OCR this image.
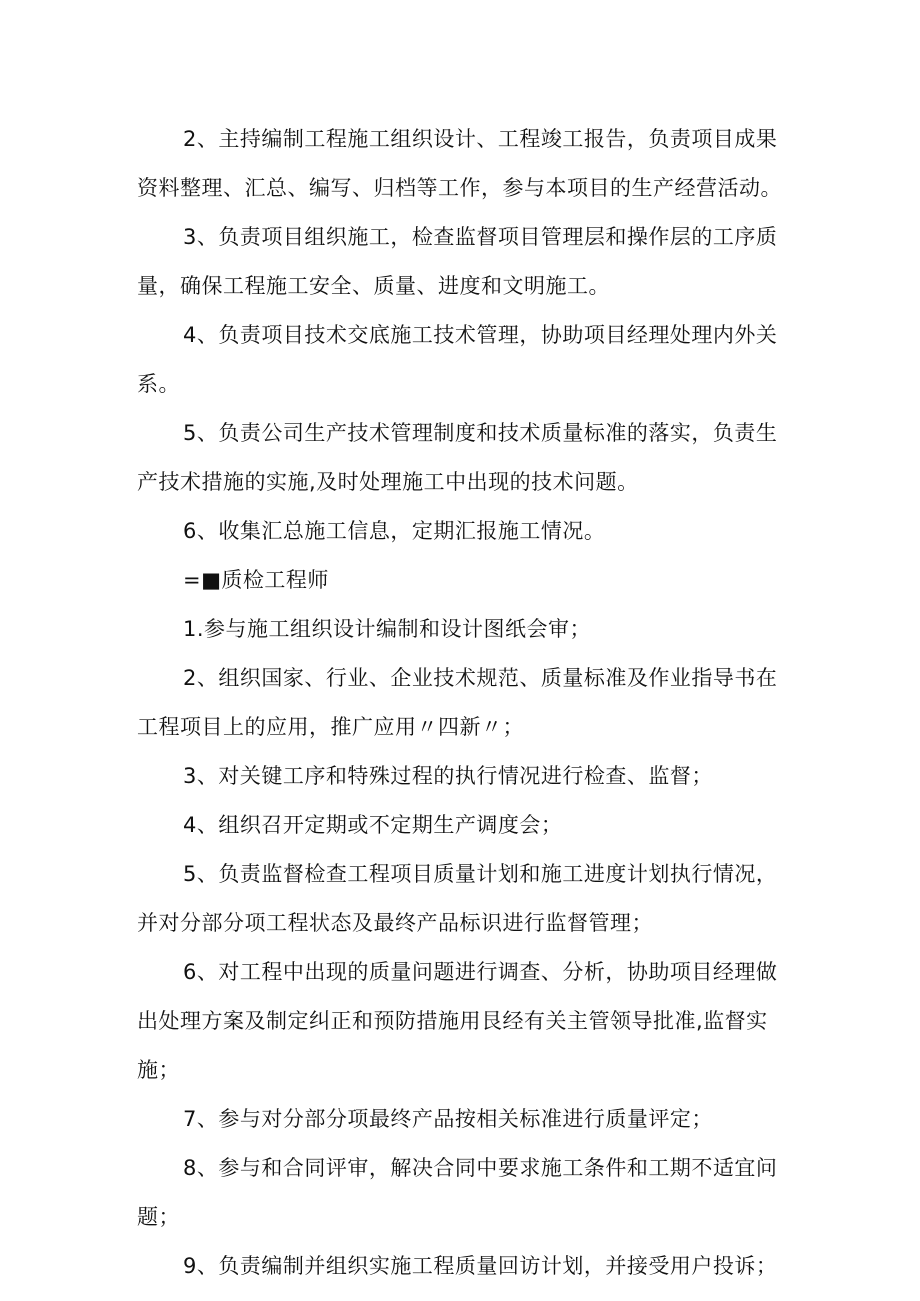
2、主持编制工程施工组织设计、工程竣工报告，负责项目成果资料整理、汇总、编写、归档等工作，参与本项目的生产经营活动。

3、负责项目组织施工，检查监督项目管理层和操作层的工序质量，确保工程施工安全、质量、进度和文明施工。

4、负责项目技术交底施工技术管理，协助项目经理处理内外关系。

5、负责公司生产技术管理制度和技术质量标准的落实，负责生产技术措施的实施,及时处理施工中出现的技术问题。

6、收集汇总施工信息，定期汇报施工情况。

=■质检工程师

1.参与施工组织设计编制和设计图纸会审；

2、组织国家、行业、企业技术规范、质量标准及作业指导书在工程项目上的应用，推广应用〃四新〃；

3、对关键工序和特殊过程的执行情况进行检查、监督；

4、组织召开定期或不定期生产调度会；

5、负责监督检查工程项目质量计划和施工进度计划执行情况，并对分部分项工程状态及最终产品标识进行监督管理；

6、对工程中出现的质量问题进行调查、分析，协助项目经理做出处理方案及制定纠正和预防措施用艮经有关主管领导批准,监督实施；

7、参与对分部分项最终产品按相关标准进行质量评定；

8、参与和合同评审，解决合同中要求施工条件和工期不适宜问题；

9、负责编制并组织实施工程质量回访计划，并接受用户投诉；
